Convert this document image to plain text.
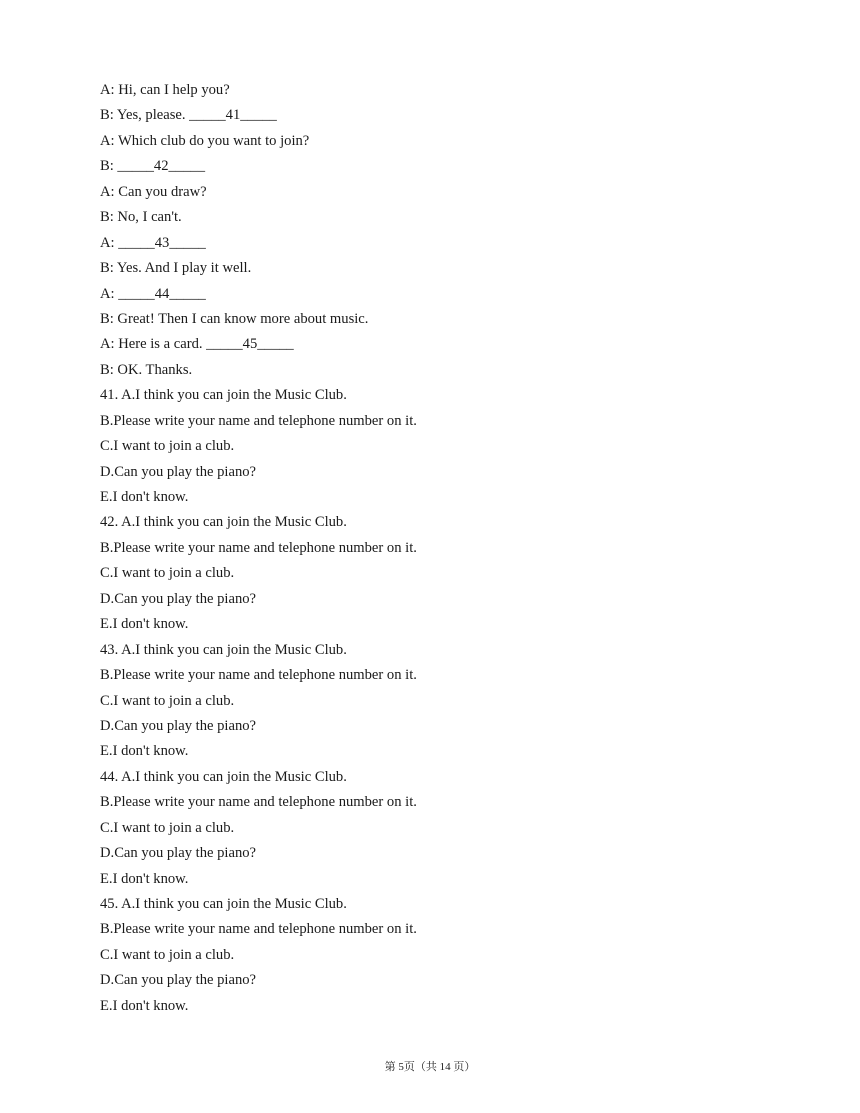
A: Hi, can I help you?
B: Yes, please. _____41_____
A: Which club do you want to join?
B: _____42_____
A: Can you draw?
B: No, I can't.
A: _____43_____
B: Yes. And I play it well.
A: _____44_____
B: Great! Then I can know more about music.
A: Here is a card. _____45_____
B: OK. Thanks.
41. A.I think you can join the Music Club.
B.Please write your name and telephone number on it.
C.I want to join a club.
D.Can you play the piano?
E.I don't know.
42. A.I think you can join the Music Club.
B.Please write your name and telephone number on it.
C.I want to join a club.
D.Can you play the piano?
E.I don't know.
43. A.I think you can join the Music Club.
B.Please write your name and telephone number on it.
C.I want to join a club.
D.Can you play the piano?
E.I don't know.
44. A.I think you can join the Music Club.
B.Please write your name and telephone number on it.
C.I want to join a club.
D.Can you play the piano?
E.I don't know.
45. A.I think you can join the Music Club.
B.Please write your name and telephone number on it.
C.I want to join a club.
D.Can you play the piano?
E.I don't know.
第 5页（共 14 页）
